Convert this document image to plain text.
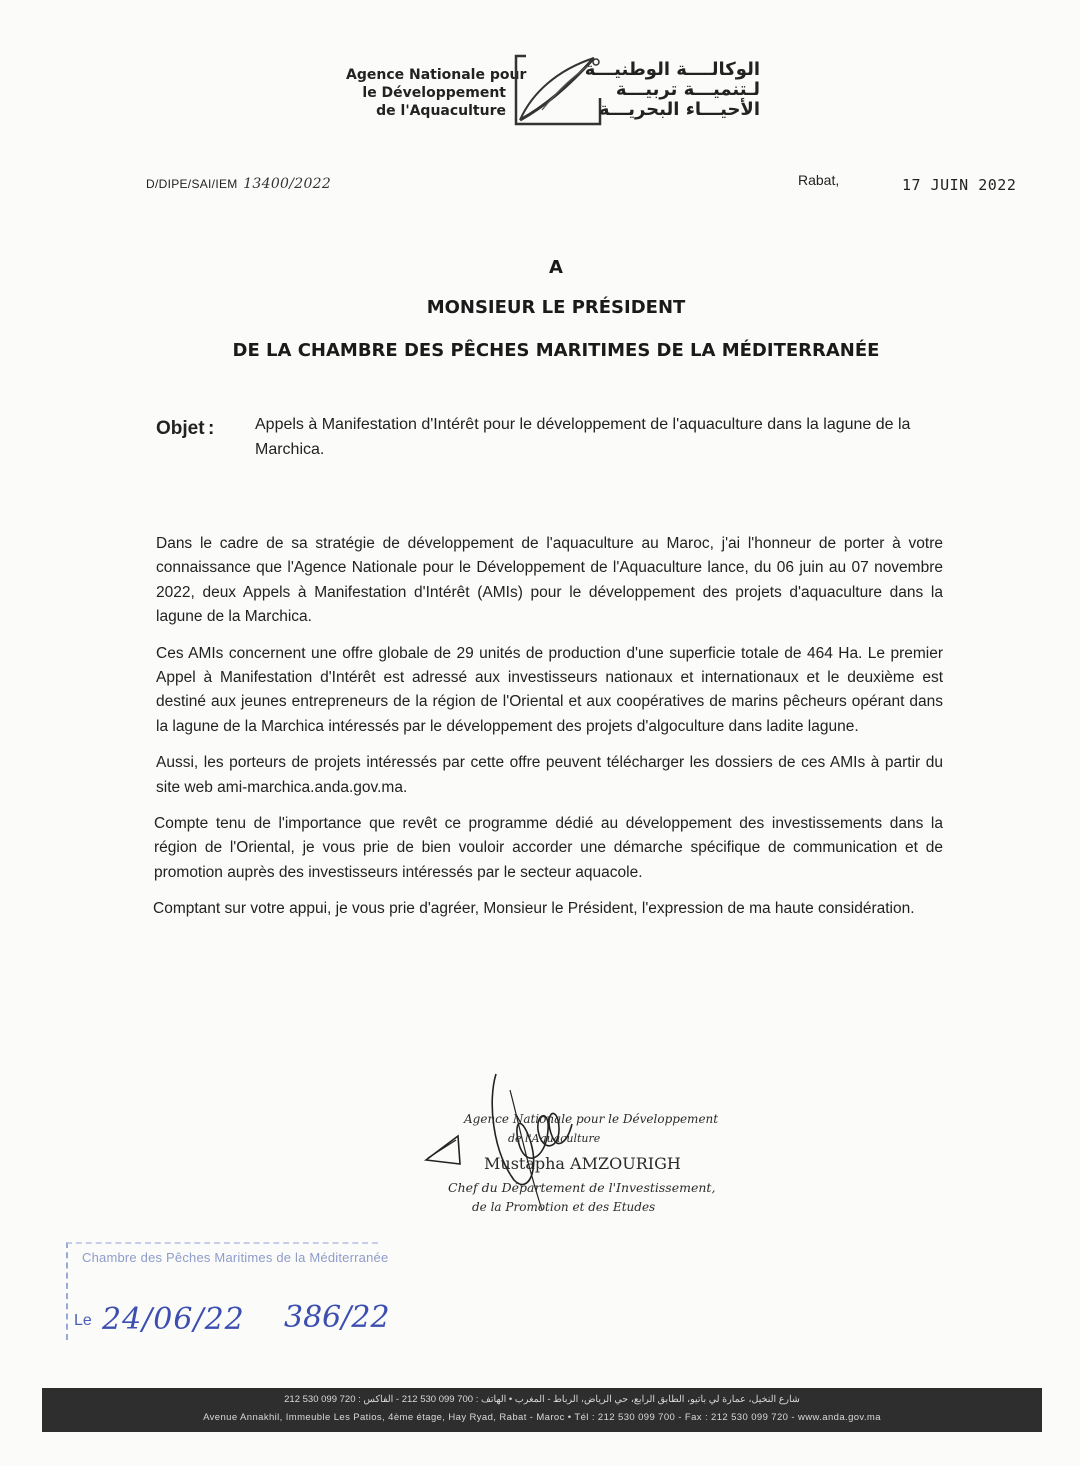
Agence Nationale pour
le Développement
de l'Aquaculture
الوكالــــة الوطنيـــة
لـتنميـــة تربيـــة
الأحيـــاء البحريـــة
D/DIPE/SAI/IEM 13400/2022	Rabat,	17 JUIN 2022
A
MONSIEUR LE PRÉSIDENT
DE LA CHAMBRE DES PÊCHES MARITIMES DE LA MÉDITERRANÉE
Objet :	Appels à Manifestation d'Intérêt pour le développement de l'aquaculture dans la lagune de la Marchica.

Dans le cadre de sa stratégie de développement de l'aquaculture au Maroc, j'ai l'honneur de porter à votre connaissance que l'Agence Nationale pour le Développement de l'Aquaculture lance, du 06 juin au 07 novembre 2022, deux Appels à Manifestation d'Intérêt (AMIs) pour le développement des projets d'aquaculture dans la lagune de la Marchica.

Ces AMIs concernent une offre globale de 29 unités de production d'une superficie totale de 464 Ha. Le premier Appel à Manifestation d'Intérêt est adressé aux investisseurs nationaux et internationaux et le deuxième est destiné aux jeunes entrepreneurs de la région de l'Oriental et aux coopératives de marins pêcheurs opérant dans la lagune de la Marchica intéressés par le développement des projets d'algoculture dans ladite lagune.

Aussi, les porteurs de projets intéressés par cette offre peuvent télécharger les dossiers de ces AMIs à partir du site web ami-marchica.anda.gov.ma.

Compte tenu de l'importance que revêt ce programme dédié au développement des investissements dans la région de l'Oriental, je vous prie de bien vouloir accorder une démarche spécifique de communication et de promotion auprès des investisseurs intéressés par le secteur aquacole.

Comptant sur votre appui, je vous prie d'agréer, Monsieur le Président, l'expression de ma haute considération.

Agence Nationale pour le Développement
de l'Aquaculture
Mustapha AMZOURIGH
Chef du Département de l'Investissement,
de la Promotion et des Etudes
Chambre des Pêches Maritimes de la Méditerranée
Le 24/06/22 386/22
شارع النخيل، عمارة لي باتيو، الطابق الرابع، حي الرياض، الرباط - المغرب • الهاتف : 700 099 530 212 - الفاكس : 720 099 530 212
Avenue Annakhil, Immeuble Les Patios, 4ème étage, Hay Ryad, Rabat - Maroc • Tél : 212 530 099 700 - Fax : 212 530 099 720 - www.anda.gov.ma
